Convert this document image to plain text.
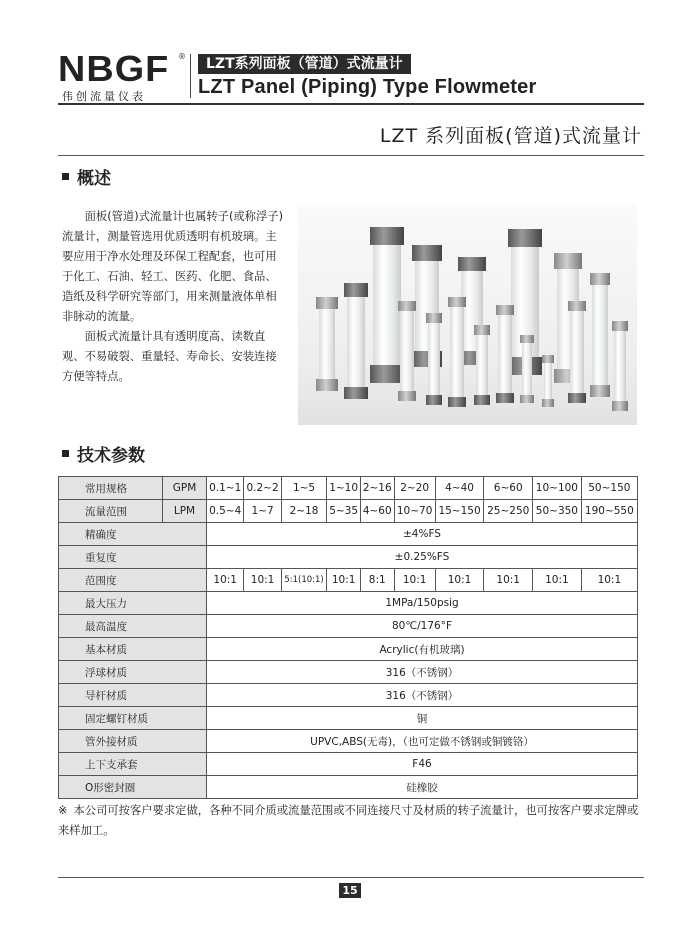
NBGF ®
伟创流量仪表
LZT系列面板（管道）式流量计
LZT Panel (Piping) Type Flowmeter
LZT 系列面板(管道)式流量计
概述

面板(管道)式流量计也属转子(或称浮子)流量计，测量管选用优质透明有机玻璃。主要应用于净水处理及环保工程配套，也可用于化工、石油、轻工、医药、化肥、食品、造纸及科学研究等部门，用来测量液体单相非脉动的流量。

面板式流量计具有透明度高、读数直观、不易破裂、重量轻、寿命长、安装连接方便等特点。

技术参数
常用规格	GPM	0.1~1	0.2~2	1~5	1~10	2~16	2~20	4~40	6~60	10~100	50~150
流量范围	LPM	0.5~4	1~7	2~18	5~35	4~60	10~70	15~150	25~250	50~350	190~550
精确度		±4%FS									
重复度		±0.25%FS									
范围度		10:1	10:1	5:1(10:1)	10:1	8:1	10:1	10:1	10:1	10:1	10:1
最大压力		1MPa/150psig									
最高温度		80℃/176°F									
基本材质		Acrylic(有机玻璃)									
浮球材质		316（不锈钢）									
导杆材质		316（不锈钢）									
固定螺钉材质		铜									
管外接材质		UPVC,ABS(无毒)，（也可定做不锈钢或铜镀铬）									
上下支承套		F46									
O形密封圈		硅橡胶									
※ 本公司可按客户要求定做，各种不同介质或流量范围或不同连接尺寸及材质的转子流量计，也可按客户要求定牌或来样加工。
15
